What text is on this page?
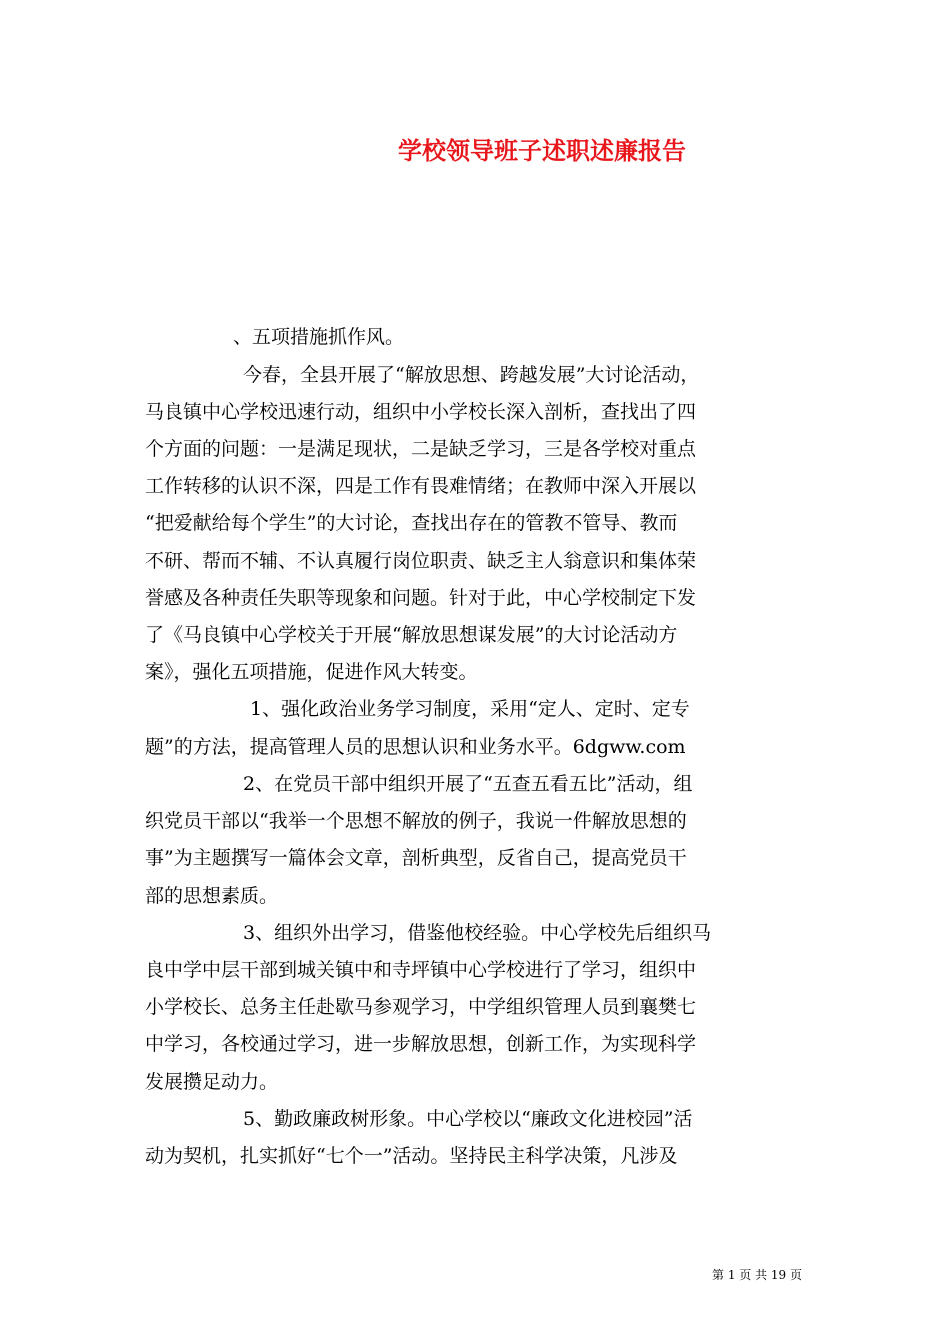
学校领导班子述职述廉报告
、五项措施抓作风。
今春，全县开展了“解放思想、跨越发展”大讨论活动，
马良镇中心学校迅速行动，组织中小学校长深入剖析，查找出了四
个方面的问题：一是满足现状，二是缺乏学习，三是各学校对重点
工作转移的认识不深，四是工作有畏难情绪；在教师中深入开展以
“把爱献给每个学生”的大讨论，查找出存在的管教不管导、教而
不研、帮而不辅、不认真履行岗位职责、缺乏主人翁意识和集体荣
誉感及各种责任失职等现象和问题。针对于此，中心学校制定下发
了《马良镇中心学校关于开展“解放思想谋发展”的大讨论活动方
案》，强化五项措施，促进作风大转变。
1、强化政治业务学习制度，采用“定人、定时、定专
题”的方法，提高管理人员的思想认识和业务水平。6dgww.com
2、在党员干部中组织开展了“五查五看五比”活动，组
织党员干部以“我举一个思想不解放的例子，我说一件解放思想的
事”为主题撰写一篇体会文章，剖析典型，反省自己，提高党员干
部的思想素质。
3、组织外出学习，借鉴他校经验。中心学校先后组织马
良中学中层干部到城关镇中和寺坪镇中心学校进行了学习，组织中
小学校长、总务主任赴歇马参观学习，中学组织管理人员到襄樊七
中学习，各校通过学习，进一步解放思想，创新工作，为实现科学
发展攒足动力。
5、勤政廉政树形象。中心学校以“廉政文化进校园”活
动为契机，扎实抓好“七个一”活动。坚持民主科学决策，凡涉及
第 1 页 共 19 页
